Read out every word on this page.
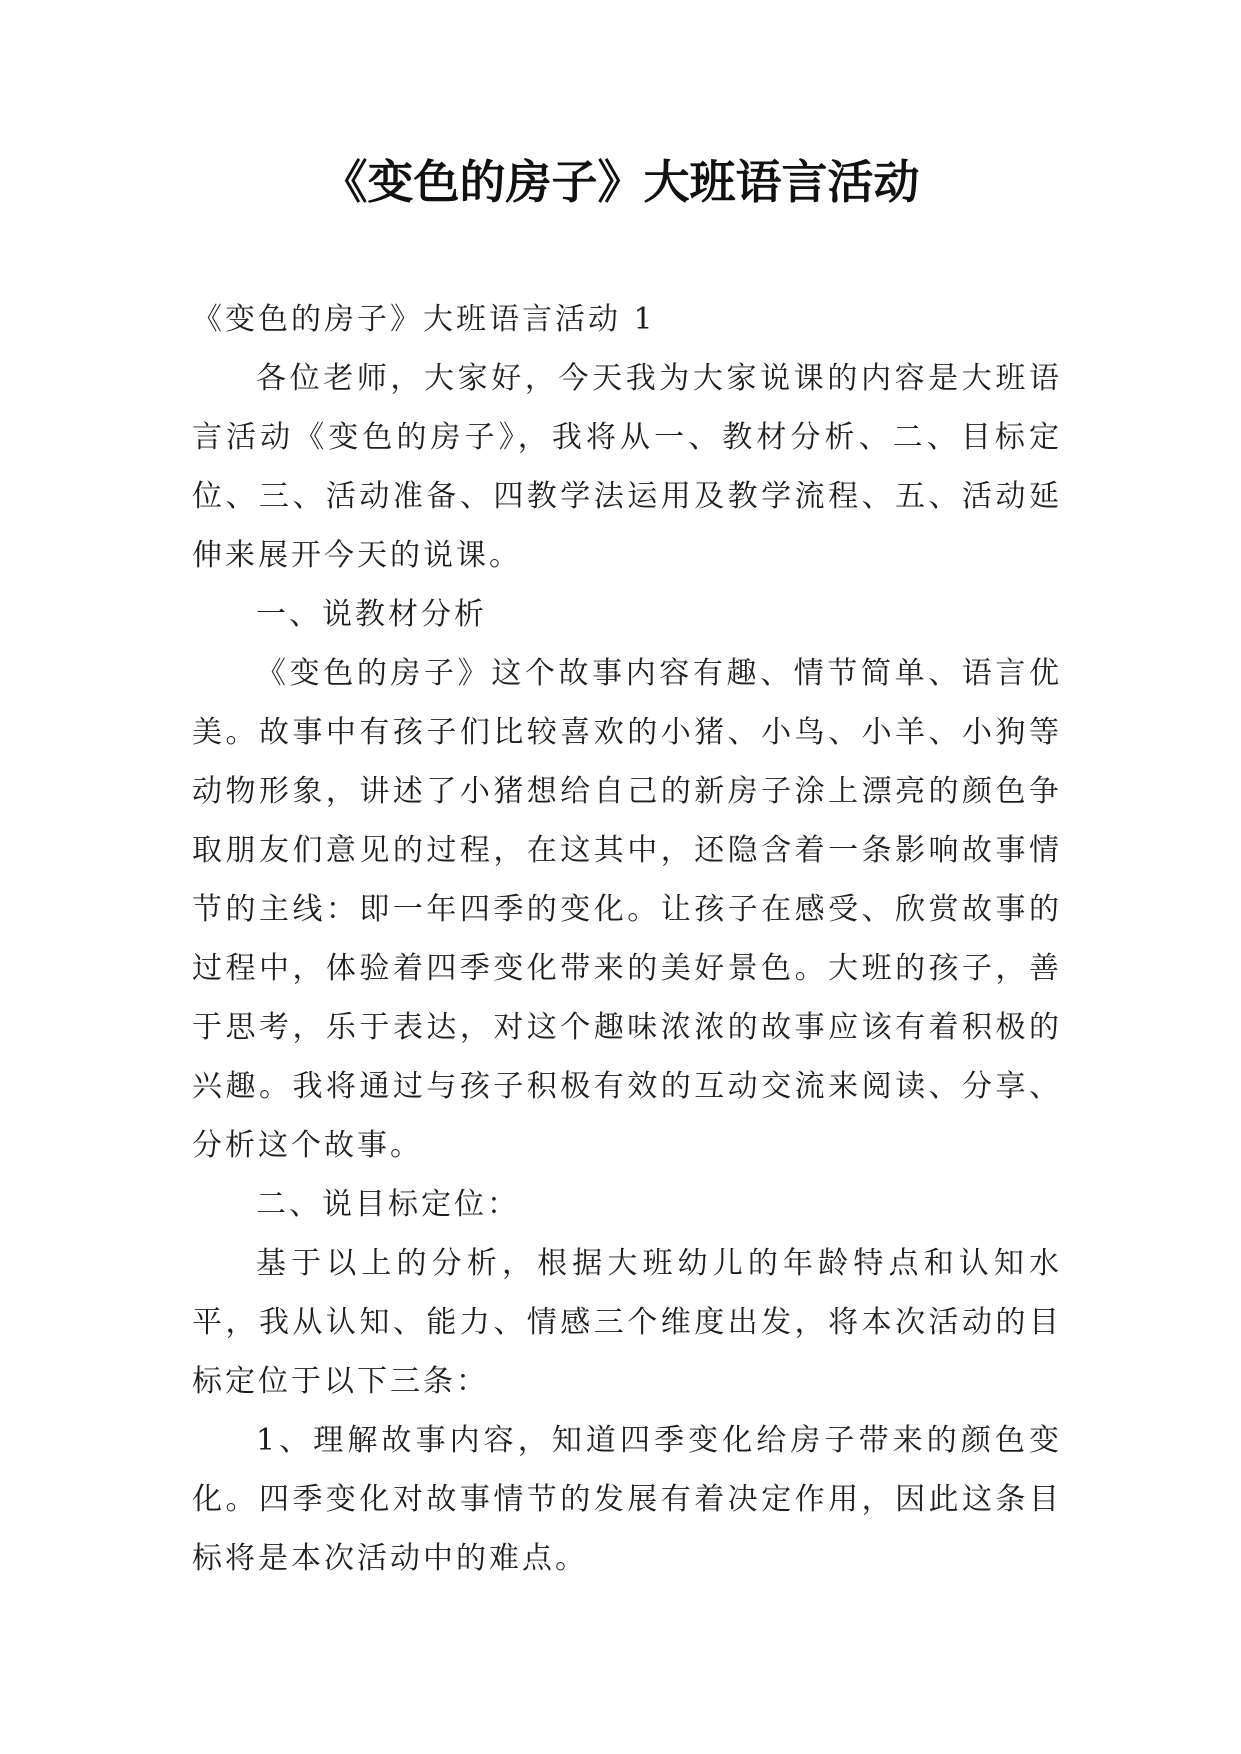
《变色的房子》大班语言活动

《变色的房子》大班语言活动 1

各位老师，大家好，今天我为大家说课的内容是大班语言活动《变色的房子》，我将从一、教材分析、二、目标定位、三、活动准备、四教学法运用及教学流程、五、活动延伸来展开今天的说课。

一、说教材分析

《变色的房子》这个故事内容有趣、情节简单、语言优美。故事中有孩子们比较喜欢的小猪、小鸟、小羊、小狗等动物形象，讲述了小猪想给自己的新房子涂上漂亮的颜色争取朋友们意见的过程，在这其中，还隐含着一条影响故事情节的主线：即一年四季的变化。让孩子在感受、欣赏故事的过程中，体验着四季变化带来的美好景色。大班的孩子，善于思考，乐于表达，对这个趣味浓浓的故事应该有着积极的兴趣。我将通过与孩子积极有效的互动交流来阅读、分享、分析这个故事。

二、说目标定位：

基于以上的分析，根据大班幼儿的年龄特点和认知水平，我从认知、能力、情感三个维度出发，将本次活动的目标定位于以下三条：

1、理解故事内容，知道四季变化给房子带来的颜色变化。四季变化对故事情节的发展有着决定作用，因此这条目标将是本次活动中的难点。
